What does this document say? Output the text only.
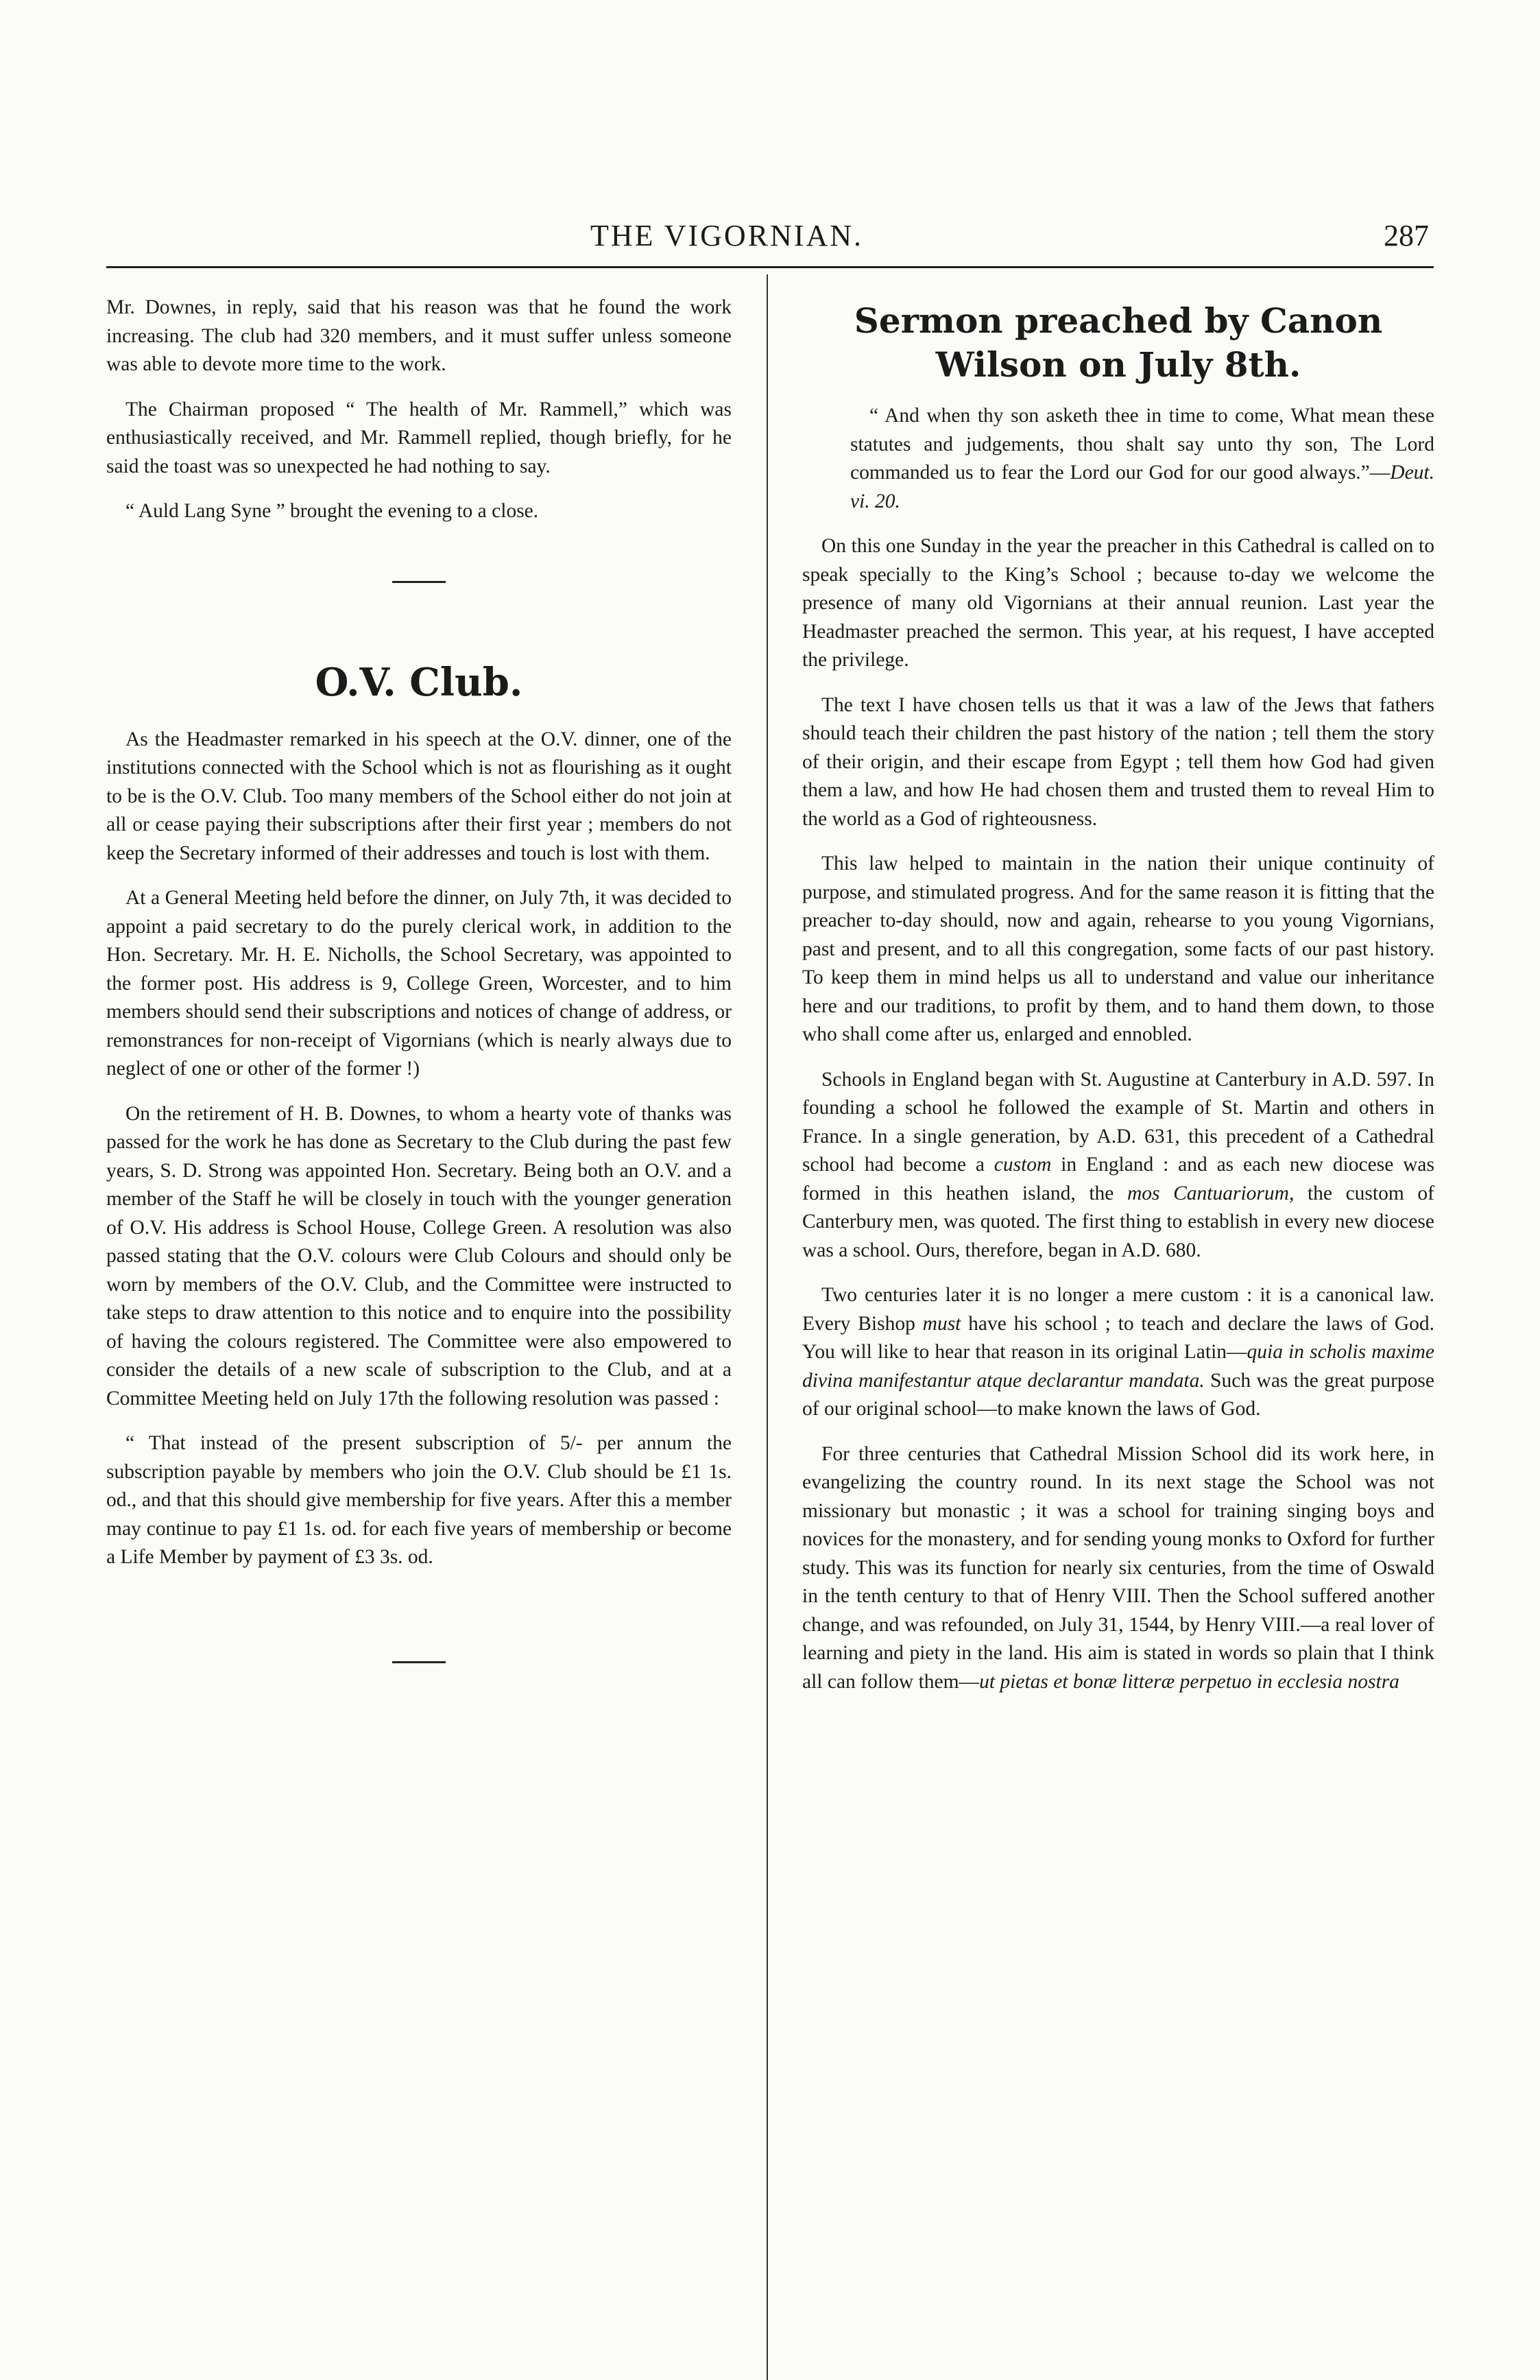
THE VIGORNIAN.	287

Mr. Downes, in reply, said that his reason was that he found the work increasing. The club had 320 members, and it must suffer unless someone was able to devote more time to the work.

The Chairman proposed “ The health of Mr. Rammell,” which was enthusiastically received, and Mr. Rammell replied, though briefly, for he said the toast was so unexpected he had nothing to say.

“ Auld Lang Syne ” brought the evening to a close.

O.V. Club.

As the Headmaster remarked in his speech at the O.V. dinner, one of the institutions connected with the School which is not as flourishing as it ought to be is the O.V. Club. Too many members of the School either do not join at all or cease paying their subscriptions after their first year ; members do not keep the Secretary informed of their addresses and touch is lost with them.

At a General Meeting held before the dinner, on July 7th, it was decided to appoint a paid secretary to do the purely clerical work, in addition to the Hon. Secretary. Mr. H. E. Nicholls, the School Secretary, was appointed to the former post. His address is 9, College Green, Worcester, and to him members should send their subscriptions and notices of change of address, or remonstrances for non-receipt of Vigornians (which is nearly always due to neglect of one or other of the former !)

On the retirement of H. B. Downes, to whom a hearty vote of thanks was passed for the work he has done as Secretary to the Club during the past few years, S. D. Strong was appointed Hon. Secretary. Being both an O.V. and a member of the Staff he will be closely in touch with the younger generation of O.V. His address is School House, College Green. A resolution was also passed stating that the O.V. colours were Club Colours and should only be worn by members of the O.V. Club, and the Committee were instructed to take steps to draw attention to this notice and to enquire into the possibility of having the colours registered. The Committee were also empowered to consider the details of a new scale of subscription to the Club, and at a Committee Meeting held on July 17th the following resolution was passed :

“ That instead of the present subscription of 5/- per annum the subscription payable by members who join the O.V. Club should be £1 1s. od., and that this should give membership for five years. After this a member may continue to pay £1 1s. od. for each five years of membership or become a Life Member by payment of £3 3s. od.

Sermon preached by Canon Wilson on July 8th.

“ And when thy son asketh thee in time to come, What mean these statutes and judgements, thou shalt say unto thy son, The Lord commanded us to fear the Lord our God for our good always.”—Deut. vi. 20.

On this one Sunday in the year the preacher in this Cathedral is called on to speak specially to the King’s School ; because to-day we welcome the presence of many old Vigornians at their annual reunion. Last year the Headmaster preached the sermon. This year, at his request, I have accepted the privilege.

The text I have chosen tells us that it was a law of the Jews that fathers should teach their children the past history of the nation ; tell them the story of their origin, and their escape from Egypt ; tell them how God had given them a law, and how He had chosen them and trusted them to reveal Him to the world as a God of righteousness.

This law helped to maintain in the nation their unique continuity of purpose, and stimulated progress. And for the same reason it is fitting that the preacher to-day should, now and again, rehearse to you young Vigornians, past and present, and to all this congregation, some facts of our past history. To keep them in mind helps us all to understand and value our inheritance here and our traditions, to profit by them, and to hand them down, to those who shall come after us, enlarged and ennobled.

Schools in England began with St. Augustine at Canterbury in A.D. 597. In founding a school he followed the example of St. Martin and others in France. In a single generation, by A.D. 631, this precedent of a Cathedral school had become a custom in England : and as each new diocese was formed in this heathen island, the mos Cantuariorum, the custom of Canterbury men, was quoted. The first thing to establish in every new diocese was a school. Ours, therefore, began in A.D. 680.

Two centuries later it is no longer a mere custom : it is a canonical law. Every Bishop must have his school ; to teach and declare the laws of God. You will like to hear that reason in its original Latin—quia in scholis maxime divina manifestantur atque declarantur mandata. Such was the great purpose of our original school—to make known the laws of God.

For three centuries that Cathedral Mission School did its work here, in evangelizing the country round. In its next stage the School was not missionary but monastic ; it was a school for training singing boys and novices for the monastery, and for sending young monks to Oxford for further study. This was its function for nearly six centuries, from the time of Oswald in the tenth century to that of Henry VIII. Then the School suffered another change, and was refounded, on July 31, 1544, by Henry VIII.—a real lover of learning and piety in the land. His aim is stated in words so plain that I think all can follow them—ut pietas et bonæ litteræ perpetuo in ecclesia nostra
